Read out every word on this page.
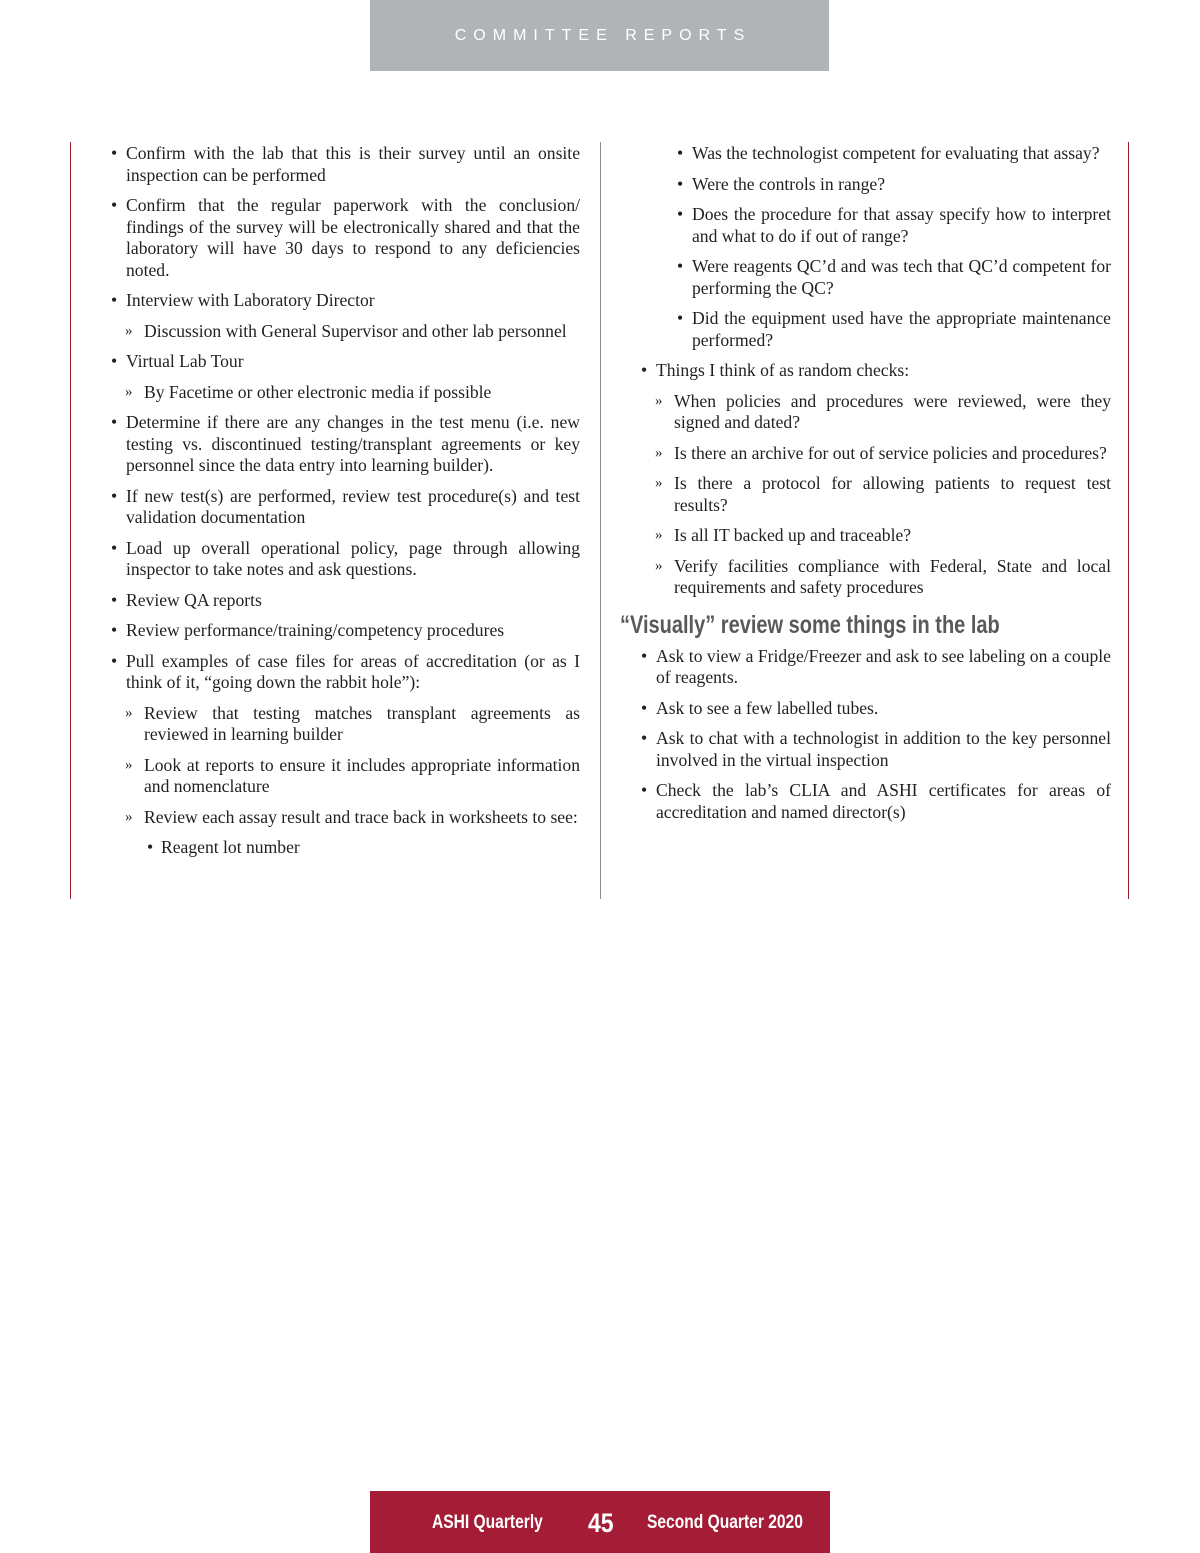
COMMITTEE REPORTS
• Confirm with the lab that this is their survey until an onsite inspection can be performed
• Confirm that the regular paperwork with the conclusion/ findings of the survey will be electronically shared and that the laboratory will have 30 days to respond to any deficiencies noted.
• Interview with Laboratory Director
» Discussion with General Supervisor and other lab personnel
• Virtual Lab Tour
» By Facetime or other electronic media if possible
• Determine if there are any changes in the test menu (i.e. new testing vs. discontinued testing/transplant agreements or key personnel since the data entry into learning builder).
• If new test(s) are performed, review test procedure(s) and test validation documentation
• Load up overall operational policy, page through allowing inspector to take notes and ask questions.
• Review QA reports
• Review performance/training/competency procedures
• Pull examples of case files for areas of accreditation (or as I think of it, “going down the rabbit hole”):
» Review that testing matches transplant agreements as reviewed in learning builder
» Look at reports to ensure it includes appropriate information and nomenclature
» Review each assay result and trace back in worksheets to see:
• Reagent lot number
• Was the technologist competent for evaluating that assay?
• Were the controls in range?
• Does the procedure for that assay specify how to interpret and what to do if out of range?
• Were reagents QC’d and was tech that QC’d competent for performing the QC?
• Did the equipment used have the appropriate maintenance performed?
• Things I think of as random checks:
» When policies and procedures were reviewed, were they signed and dated?
» Is there an archive for out of service policies and procedures?
» Is there a protocol for allowing patients to request test results?
» Is all IT backed up and traceable?
» Verify facilities compliance with Federal, State and local requirements and safety procedures
“Visually” review some things in the lab
• Ask to view a Fridge/Freezer and ask to see labeling on a couple of reagents.
• Ask to see a few labelled tubes.
• Ask to chat with a technologist in addition to the key personnel involved in the virtual inspection
• Check the lab’s CLIA and ASHI certificates for areas of accreditation and named director(s)
ASHI Quarterly 45 Second Quarter 2020
